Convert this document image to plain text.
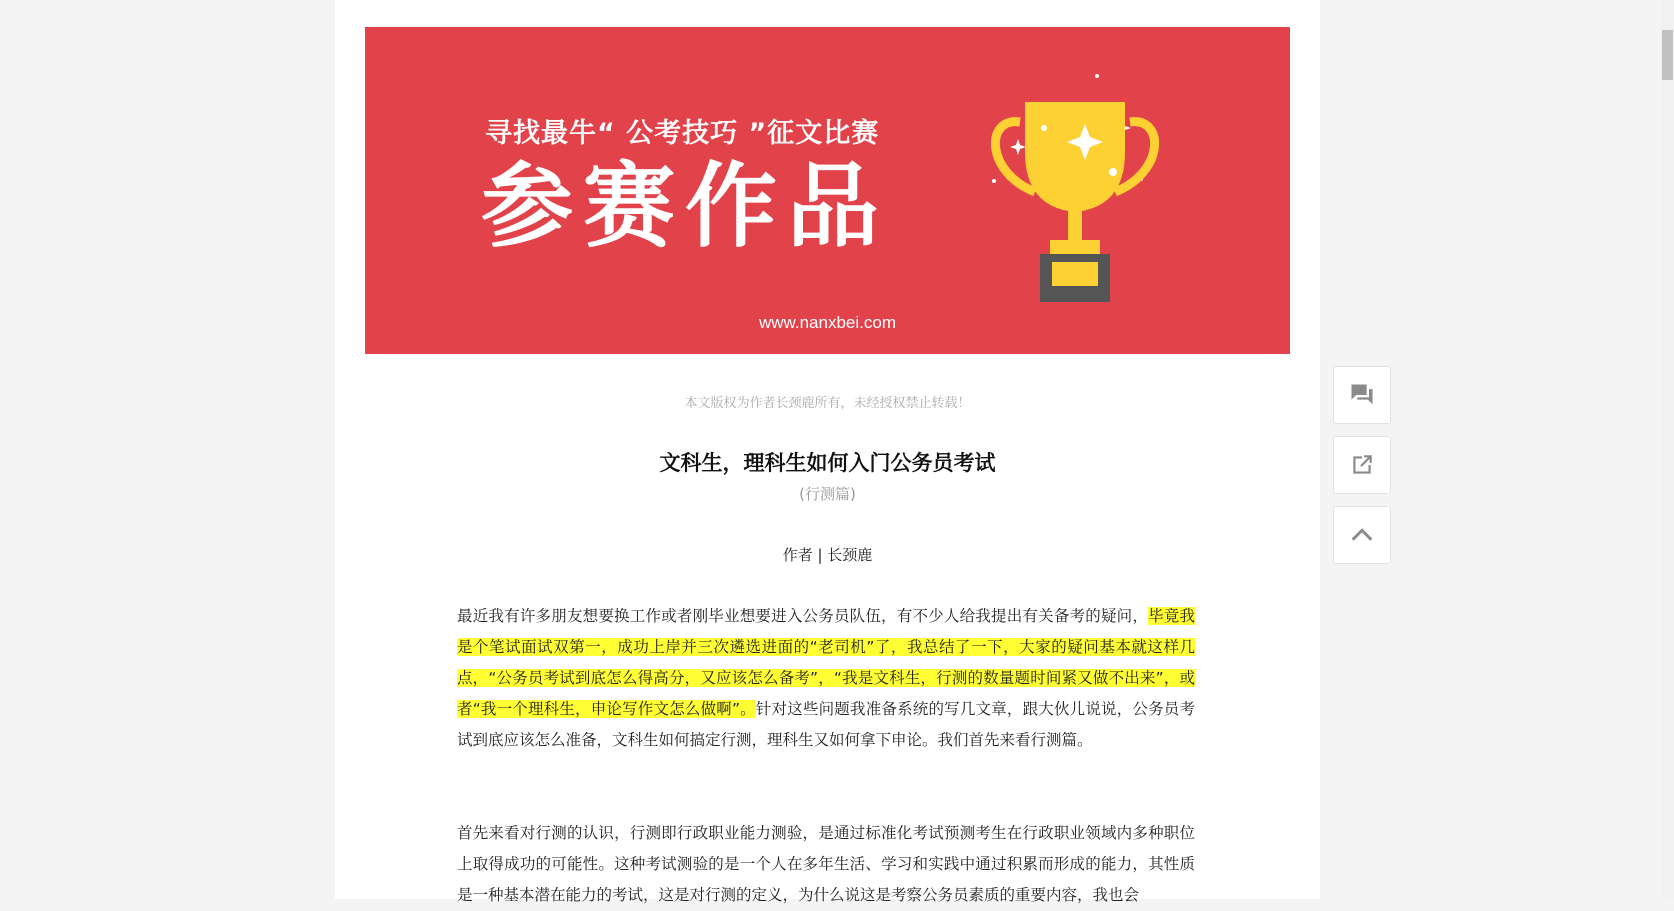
寻找最牛“ 公考技巧 ”征文比赛
参赛作品
www.nanxbei.com
本文版权为作者长颈鹿所有，未经授权禁止转载！
文科生，理科生如何入门公务员考试
(行测篇)
作者 | 长颈鹿

最近我有许多朋友想要换工作或者刚毕业想要进入公务员队伍，有不少人给我提出有关备考的疑问，毕竟我是个笔试面试双第一，成功上岸并三次遴选进面的“老司机”了，我总结了一下，大家的疑问基本就这样几点，“公务员考试到底怎么得高分，又应该怎么备考”，“我是文科生，行测的数量题时间紧又做不出来”，或者“我一个理科生，申论写作文怎么做啊”。针对这些问题我准备系统的写几文章，跟大伙儿说说，公务员考试到底应该怎么准备，文科生如何搞定行测，理科生又如何拿下申论。我们首先来看行测篇。

首先来看对行测的认识，行测即行政职业能力测验，是通过标准化考试预测考生在行政职业领域内多种职位上取得成功的可能性。这种考试测验的是一个人在多年生活、学习和实践中通过积累而形成的能力，其性质是一种基本潜在能力的考试，这是对行测的定义，为什么说这是考察公务员素质的重要内容，我也会
